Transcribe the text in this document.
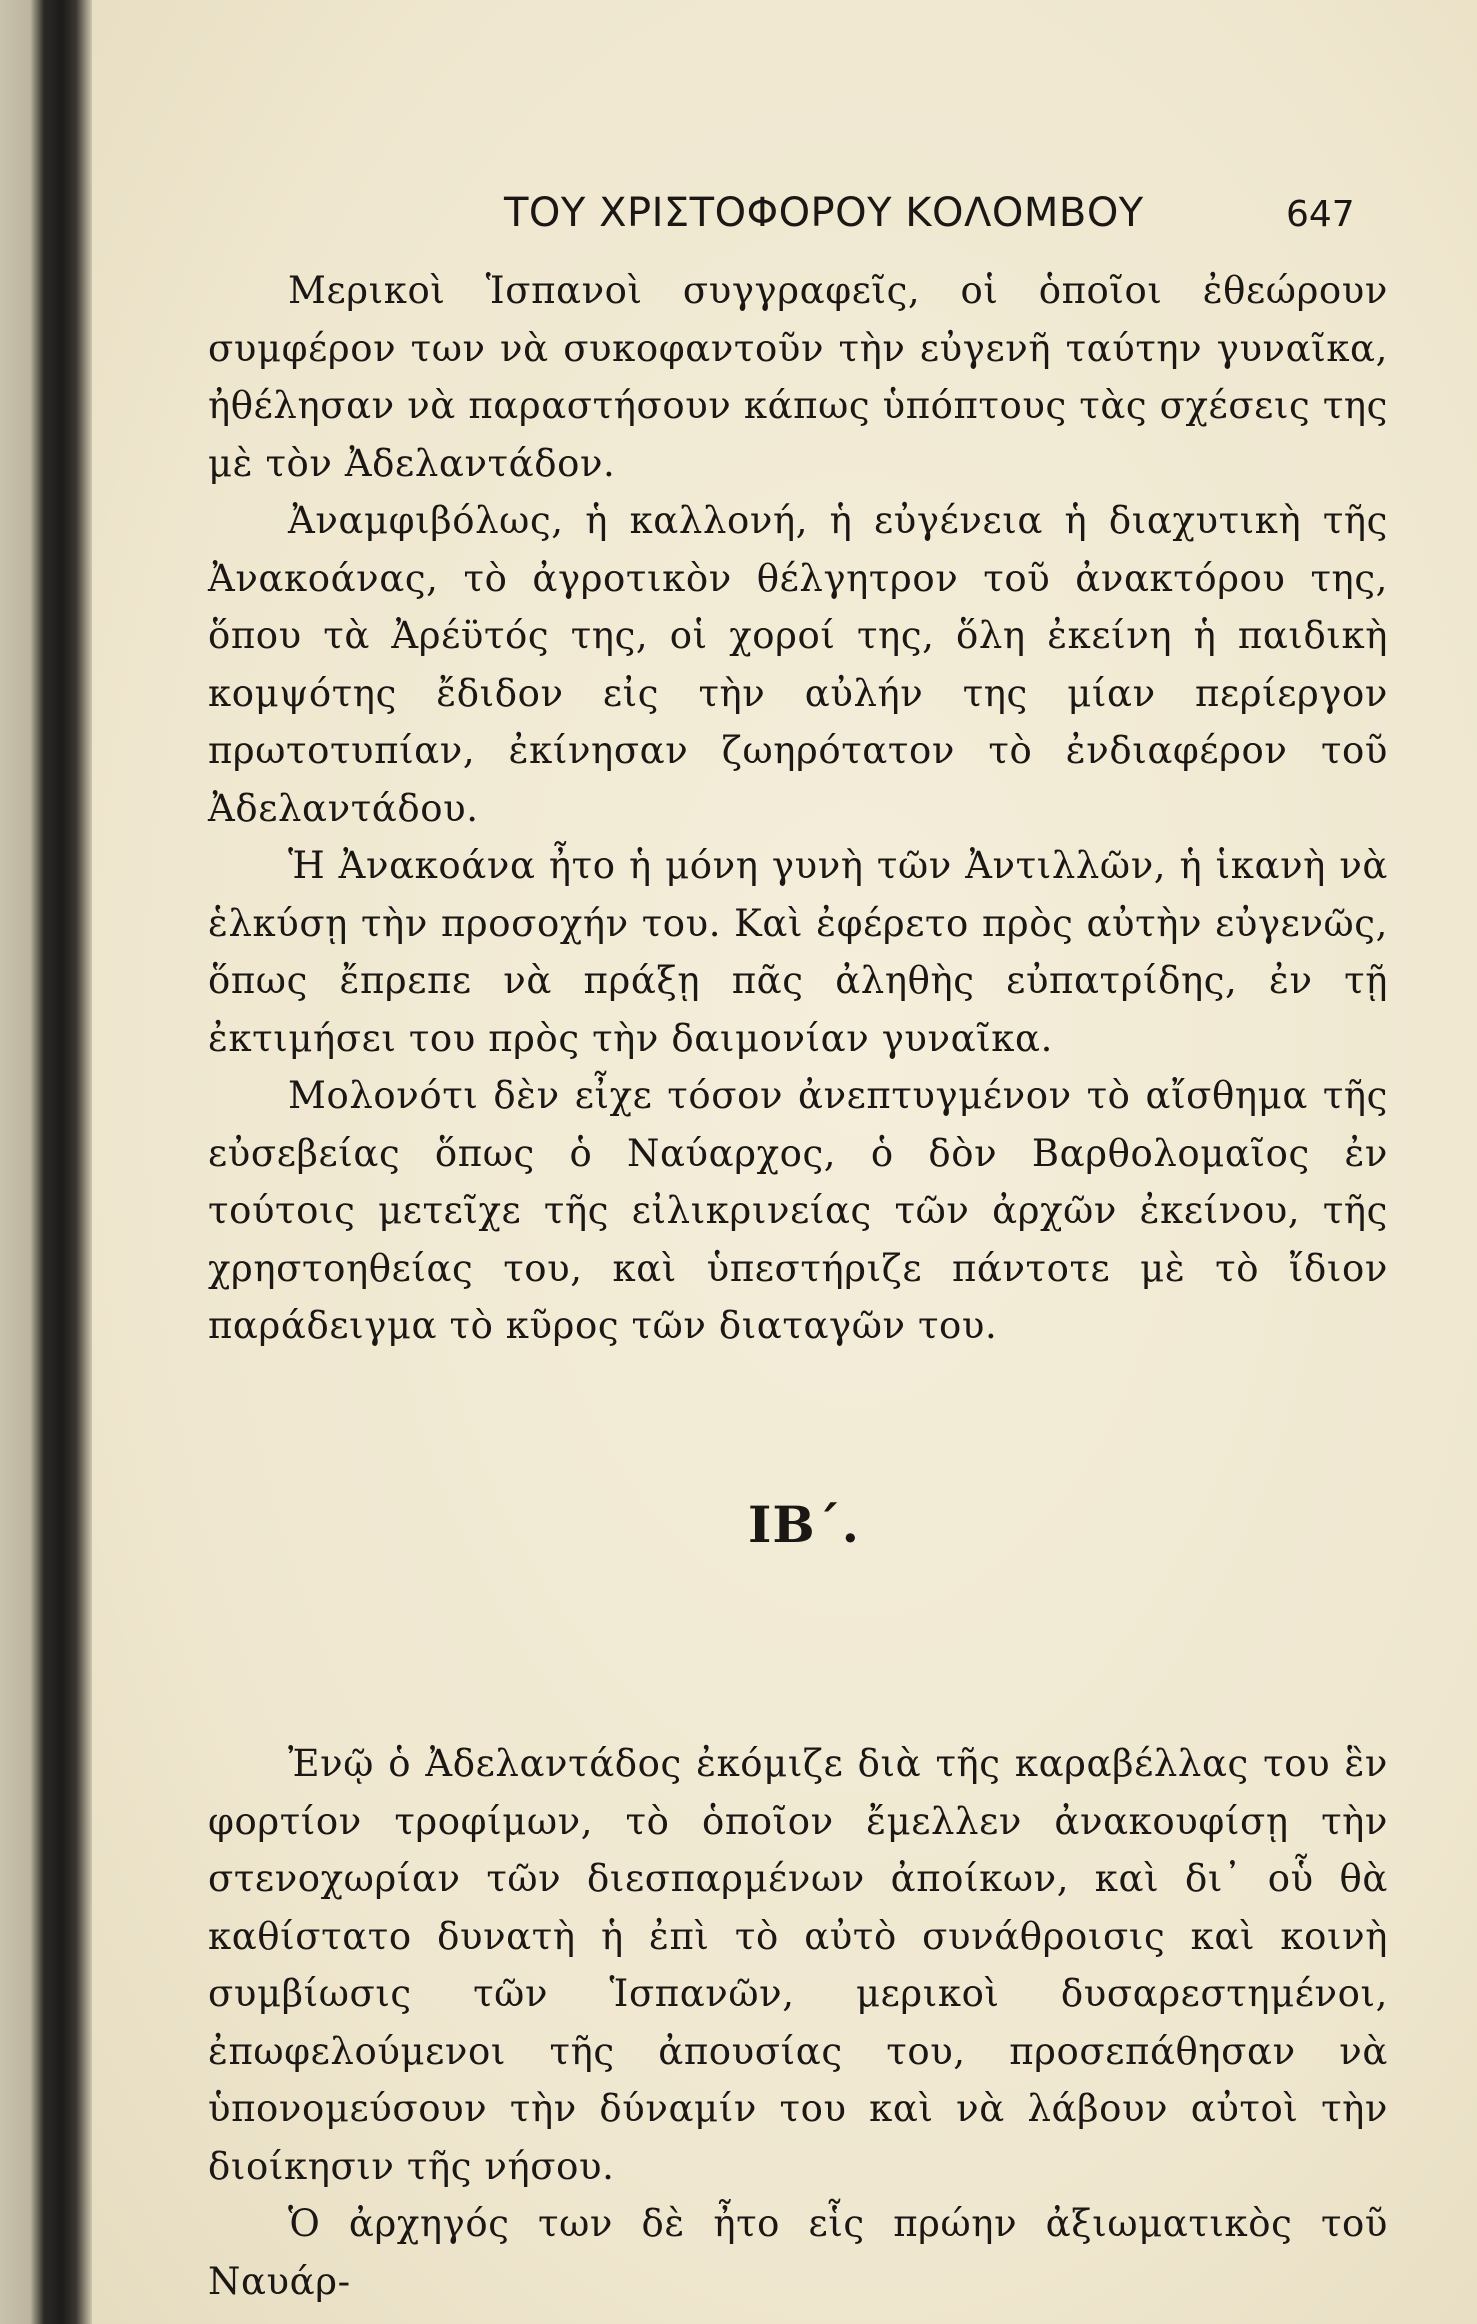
ΤΟΥ ΧΡΙΣΤΟΦΟΡΟΥ ΚΟΛΟΜΒΟΥ	647

Μερικοὶ Ἱσπανοὶ συγγραφεῖς, οἱ ὁποῖοι ἐθεώρουν συμφέρον των νὰ συκοφαντοῦν τὴν εὐγενῆ ταύτην γυναῖκα, ἠθέλησαν νὰ παραστήσουν κάπως ὑπόπτους τὰς σχέσεις της μὲ τὸν Ἀδελαντάδον.

Ἀναμφιβόλως, ἡ καλλονή, ἡ εὐγένεια ἡ διαχυτικὴ τῆς Ἀνακοάνας, τὸ ἀγροτικὸν θέλγητρον τοῦ ἀνακτόρου της, ὅπου τὰ Ἀρέϋτός της, οἱ χοροί της, ὅλη ἐκείνη ἡ παιδικὴ κομψότης ἔδιδον εἰς τὴν αὐλήν της μίαν περίεργον πρωτοτυπίαν, ἐκίνησαν ζωηρότατον τὸ ἐνδιαφέρον τοῦ Ἀδελαντάδου.

Ἡ Ἀνακοάνα ἦτο ἡ μόνη γυνὴ τῶν Ἀντιλλῶν, ἡ ἱκανὴ νὰ ἑλκύσῃ τὴν προσοχήν του. Καὶ ἐφέρετο πρὸς αὐτὴν εὐγενῶς, ὅπως ἔπρεπε νὰ πράξῃ πᾶς ἀληθὴς εὐπατρίδης, ἐν τῇ ἐκτιμήσει του πρὸς τὴν δαιμονίαν γυναῖκα.

Μολονότι δὲν εἶχε τόσον ἀνεπτυγμένον τὸ αἴσθημα τῆς εὐσεβείας ὅπως ὁ Ναύαρχος, ὁ δὸν Βαρθολομαῖος ἐν τούτοις μετεῖχε τῆς εἰλικρινείας τῶν ἀρχῶν ἐκείνου, τῆς χρηστοηθείας του, καὶ ὑπεστήριζε πάντοτε μὲ τὸ ἴδιον παράδειγμα τὸ κῦρος τῶν διαταγῶν του.

ΙΒ΄.

Ἐνῷ ὁ Ἀδελαντάδος ἐκόμιζε διὰ τῆς καραβέλλας του ἓν φορτίον τροφίμων, τὸ ὁποῖον ἔμελλεν ἀνακουφίσῃ τὴν στενοχωρίαν τῶν διεσπαρμένων ἀποίκων, καὶ δι᾽ οὗ θὰ καθίστατο δυνατὴ ἡ ἐπὶ τὸ αὐτὸ συνάθροισις καὶ κοινὴ συμβίωσις τῶν Ἱσπανῶν, μερικοὶ δυσαρεστημένοι, ἐπωφελούμενοι τῆς ἀπουσίας του, προσεπάθησαν νὰ ὑπονομεύσουν τὴν δύναμίν του καὶ νὰ λάβουν αὐτοὶ τὴν διοίκησιν τῆς νήσου.

Ὁ ἀρχηγός των δὲ ἦτο εἷς πρώην ἀξιωματικὸς τοῦ Ναυάρ-
